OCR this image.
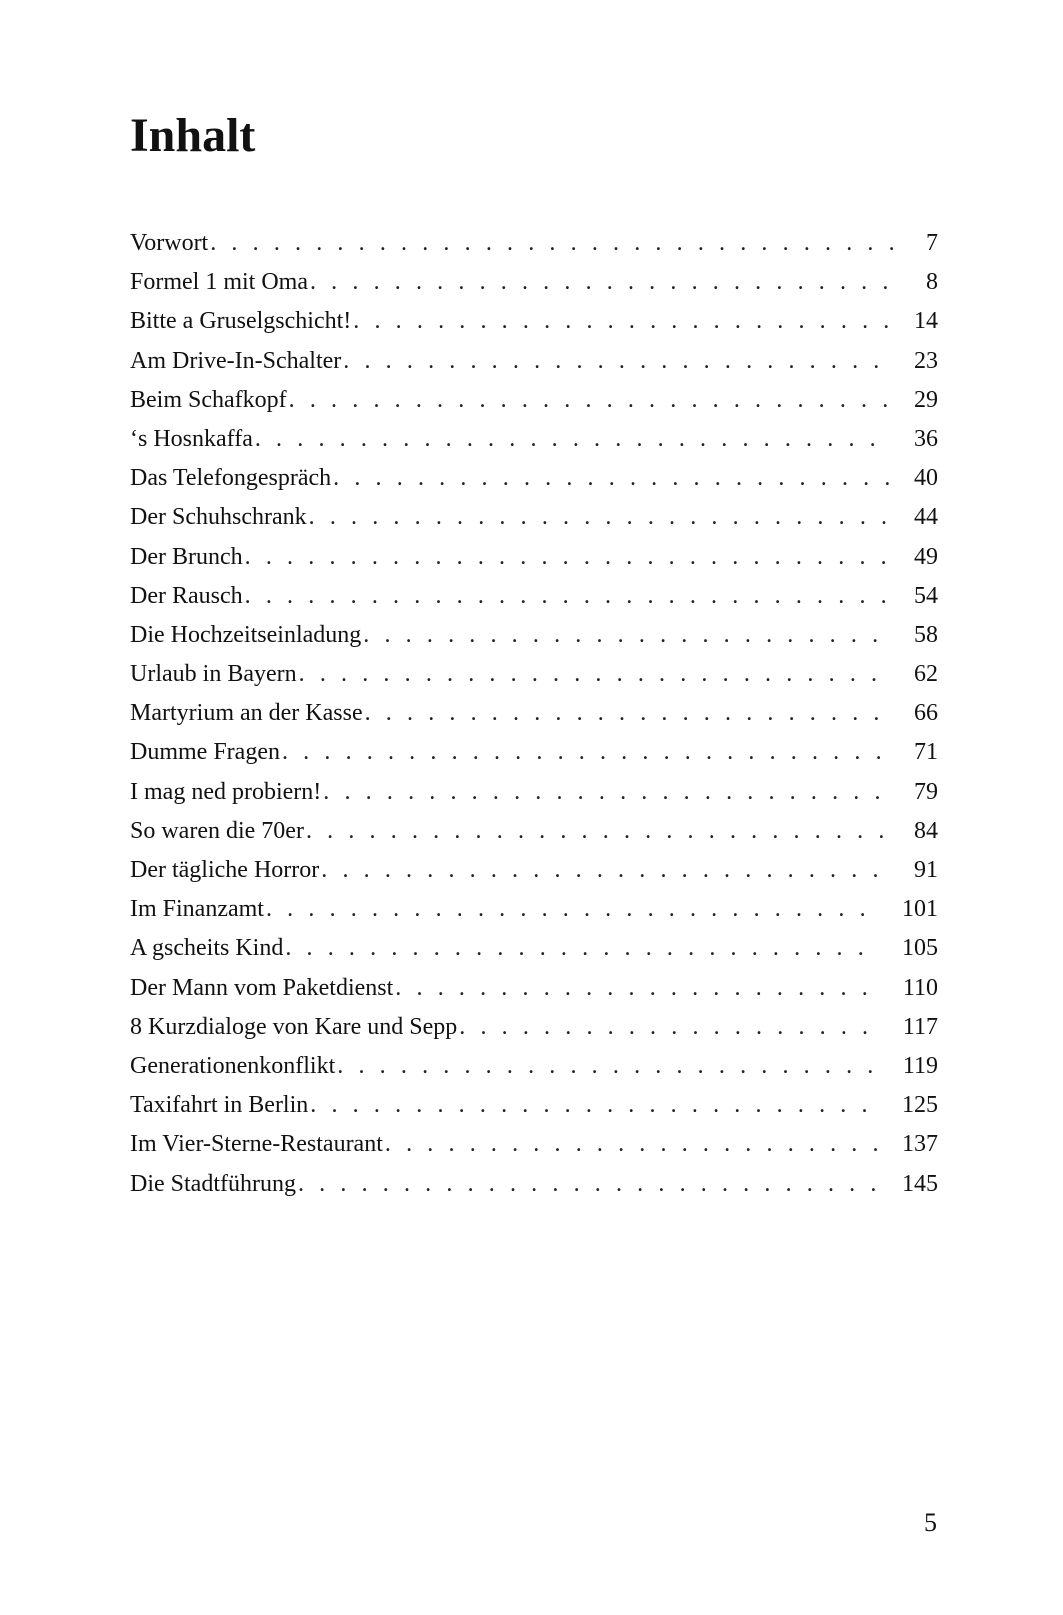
Inhalt
Vorwort . . .	7
Formel 1 mit Oma . . .	8
Bitte a Gruselgschicht! . . .	14
Am Drive-In-Schalter . . .	23
Beim Schafkopf . . .	29
‘s Hosnkaffa . . .	36
Das Telefongespräch . . .	40
Der Schuhschrank . . .	44
Der Brunch . . .	49
Der Rausch . . .	54
Die Hochzeitseinladung . . .	58
Urlaub in Bayern . . .	62
Martyrium an der Kasse . . .	66
Dumme Fragen . . .	71
I mag ned probiern! . . .	79
So waren die 70er . . .	84
Der tägliche Horror . . .	91
Im Finanzamt . . .	101
A gscheits Kind . . .	105
Der Mann vom Paketdienst . . .	110
8 Kurzdialoge von Kare und Sepp . . .	117
Generationenkonflikt . . .	119
Taxifahrt in Berlin . . .	125
Im Vier-Sterne-Restaurant . . .	137
Die Stadtführung . . .	145
5
